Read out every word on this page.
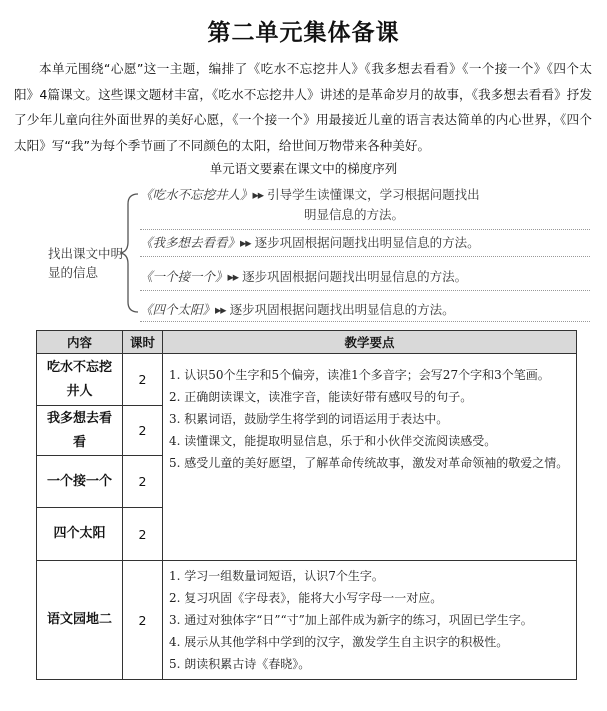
第二单元集体备课
本单元围绕“心愿”这一主题，编排了《吃水不忘挖井人》《我多想去看看》《一个接一个》《四个太阳》4篇课文。这些课文题材丰富，《吃水不忘挖井人》讲述的是革命岁月的故事，《我多想去看看》抒发了少年儿童向往外面世界的美好心愿，《一个接一个》用最接近儿童的语言表达简单的内心世界，《四个太阳》写“我”为每个季节画了不同颜色的太阳，给世间万物带来各种美好。
单元语文要素在课文中的梯度序列
找出课文中明显的信息
《吃水不忘挖井人》▸▸ 引导学生读懂课文，学习根据问题找出
明显信息的方法。
《我多想去看看》▸▸ 逐步巩固根据问题找出明显信息的方法。
《一个接一个》▸▸ 逐步巩固根据问题找出明显信息的方法。
《四个太阳》▸▸ 逐步巩固根据问题找出明显信息的方法。
内容	课时	教学要点
吃水不忘挖井人	2	1. 认识50个生字和5个偏旁，读准1个多音字；会写27个字和3个笔画。
2. 正确朗读课文，读准字音，能读好带有感叹号的句子。
3. 积累词语，鼓励学生将学到的词语运用于表达中。
4. 读懂课文，能提取明显信息，乐于和小伙伴交流阅读感受。
5. 感受儿童的美好愿望，了解革命传统故事，激发对革命领袖的敬爱之情。

我多想去看看	2	
一个接一个	2	
四个太阳	2	
语文园地二	2	1. 学习一组数量词短语，认识7个生字。
2. 复习巩固《字母表》，能将大小写字母一一对应。
3. 通过对独体字“日”“寸”加上部件成为新字的练习，巩固已学生字。
4. 展示从其他学科中学到的汉字，激发学生自主识字的积极性。
5. 朗读积累古诗《春晓》。
